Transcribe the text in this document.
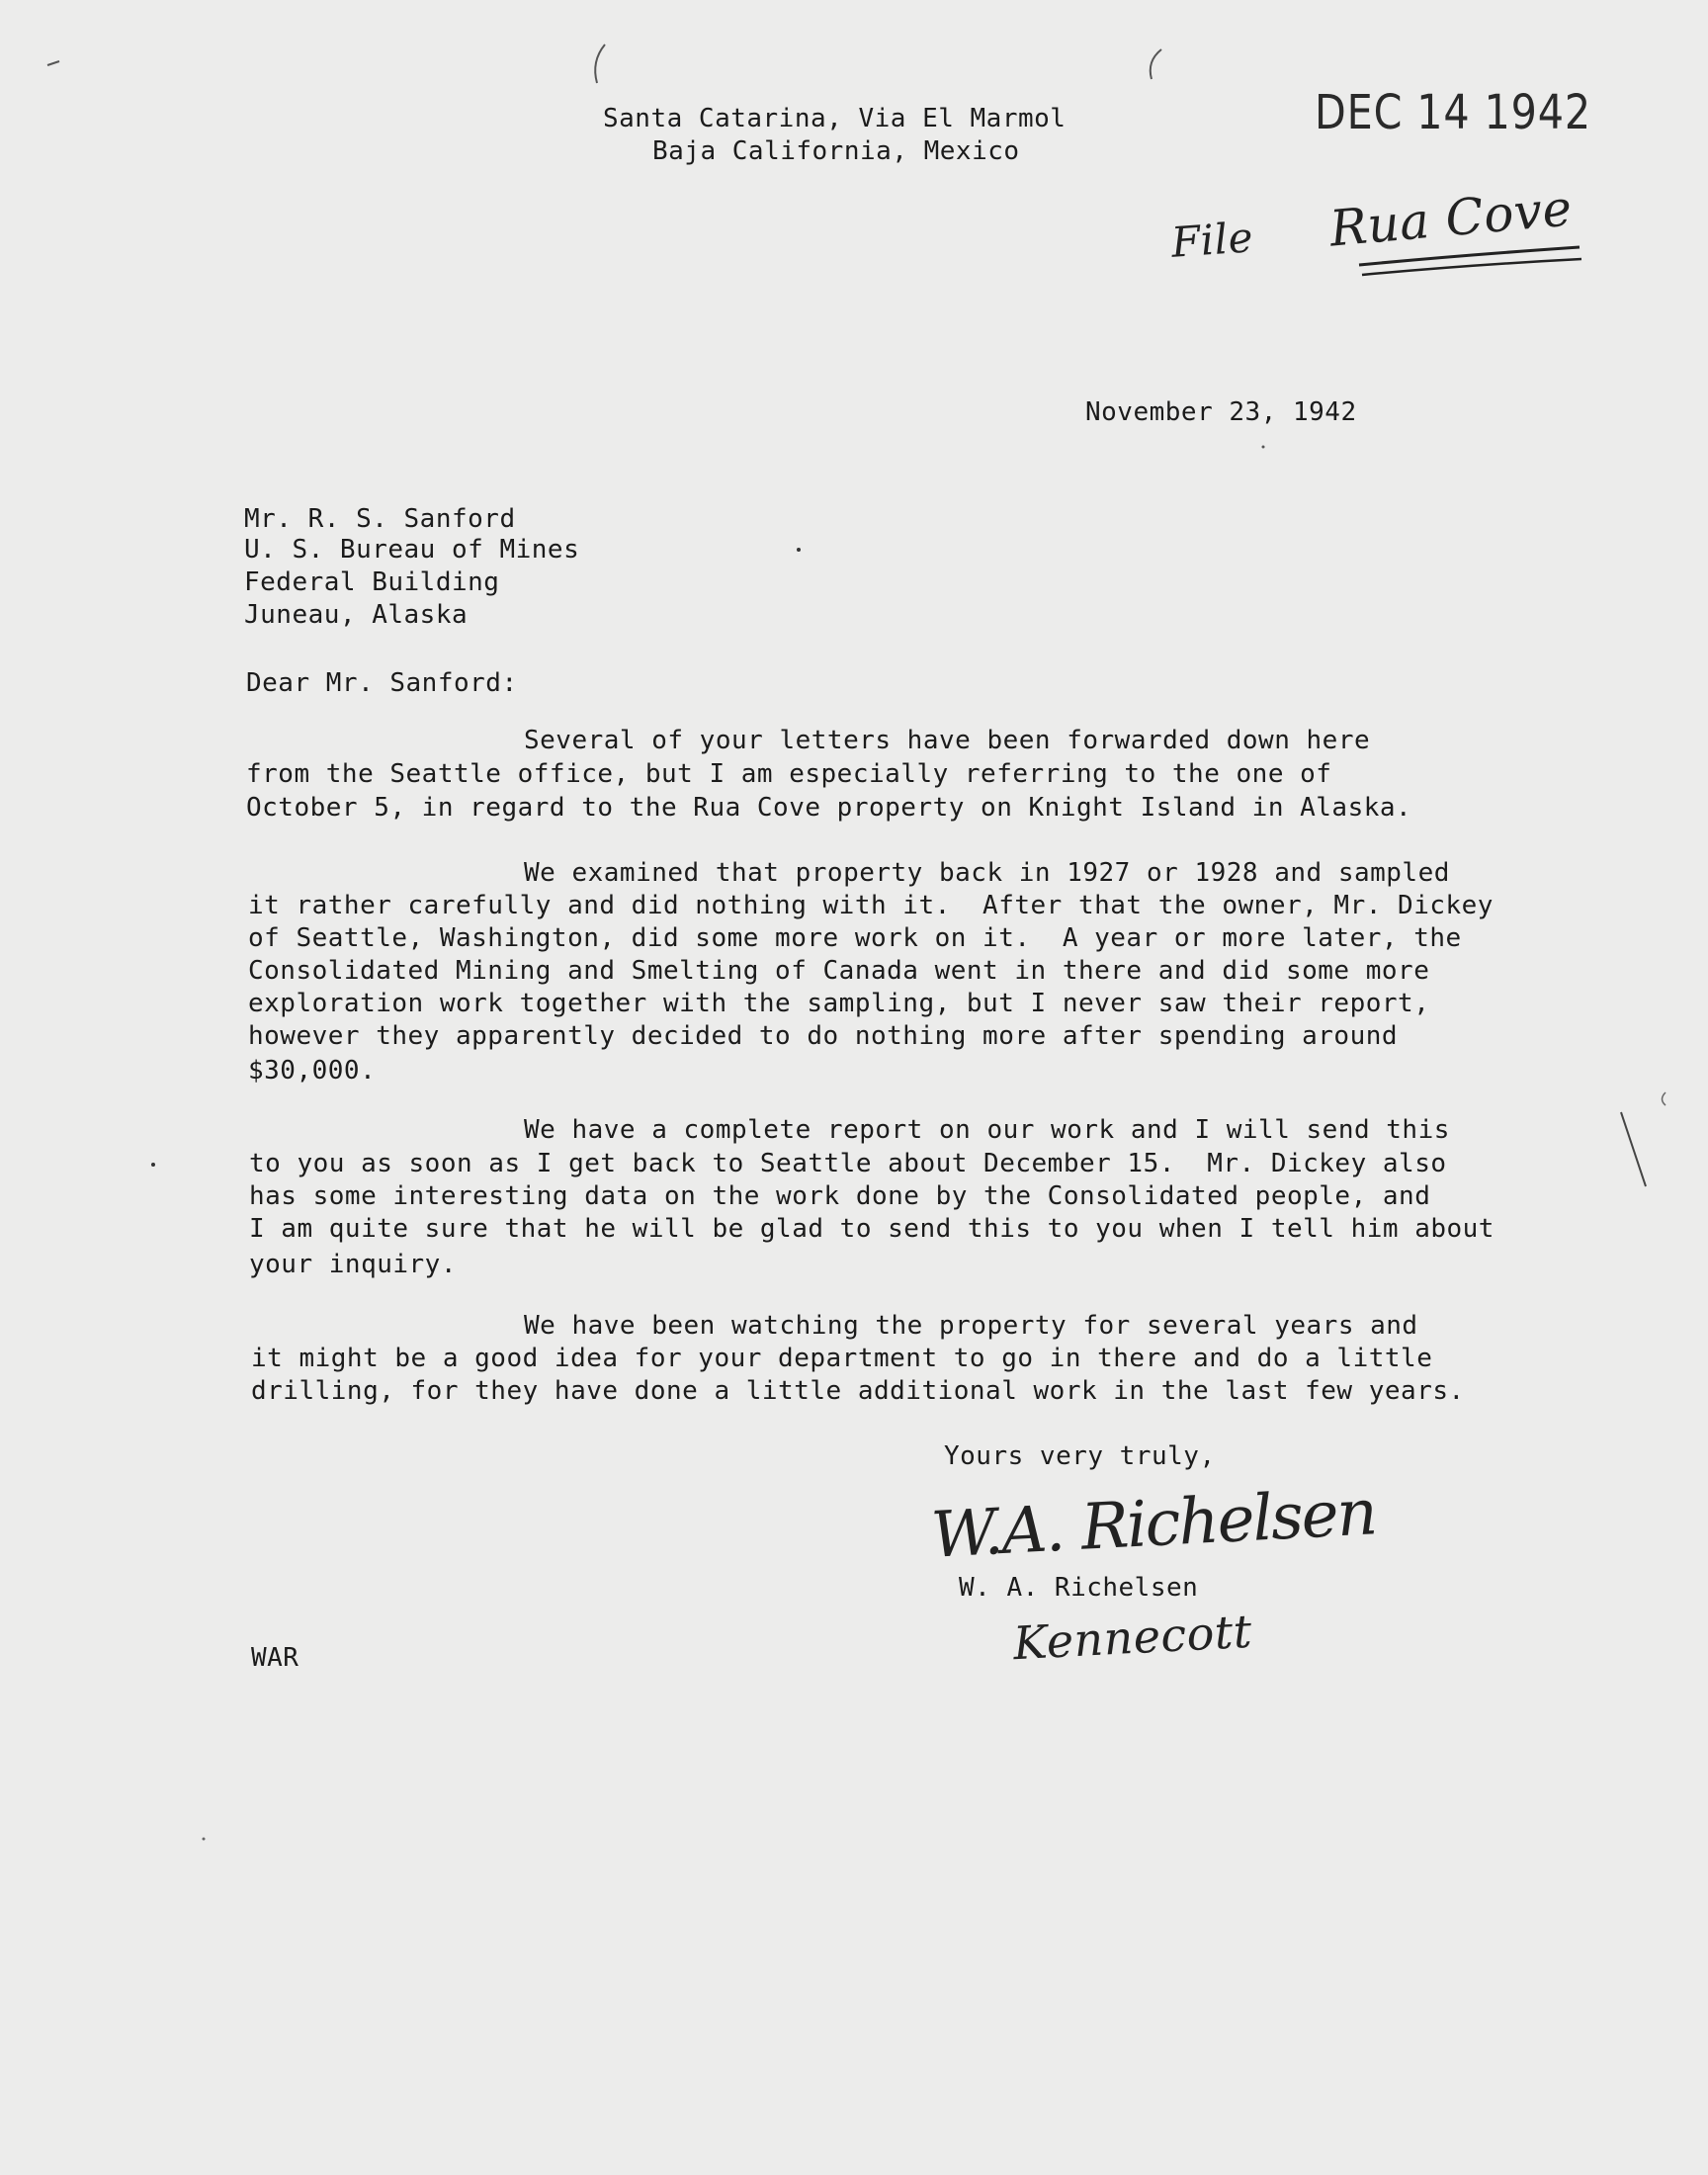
Santa Catarina, Via El Marmol
Baja California, Mexico
DEC 14 1942
File Rua Cove
November 23, 1942
Mr. R. S. Sanford
U. S. Bureau of Mines
Federal Building
Juneau, Alaska
Dear Mr. Sanford:
Several of your letters have been forwarded down here
from the Seattle office, but I am especially referring to the one of
October 5, in regard to the Rua Cove property on Knight Island in Alaska.
We examined that property back in 1927 or 1928 and sampled
it rather carefully and did nothing with it.  After that the owner, Mr. Dickey
of Seattle, Washington, did some more work on it.  A year or more later, the
Consolidated Mining and Smelting of Canada went in there and did some more
exploration work together with the sampling, but I never saw their report,
however they apparently decided to do nothing more after spending around
$30,000.
We have a complete report on our work and I will send this
to you as soon as I get back to Seattle about December 15.  Mr. Dickey also
has some interesting data on the work done by the Consolidated people, and
I am quite sure that he will be glad to send this to you when I tell him about
your inquiry.
We have been watching the property for several years and
it might be a good idea for your department to go in there and do a little
drilling, for they have done a little additional work in the last few years.
Yours very truly,
W.A. Richelsen
W. A. Richelsen
Kennecott
WAR
